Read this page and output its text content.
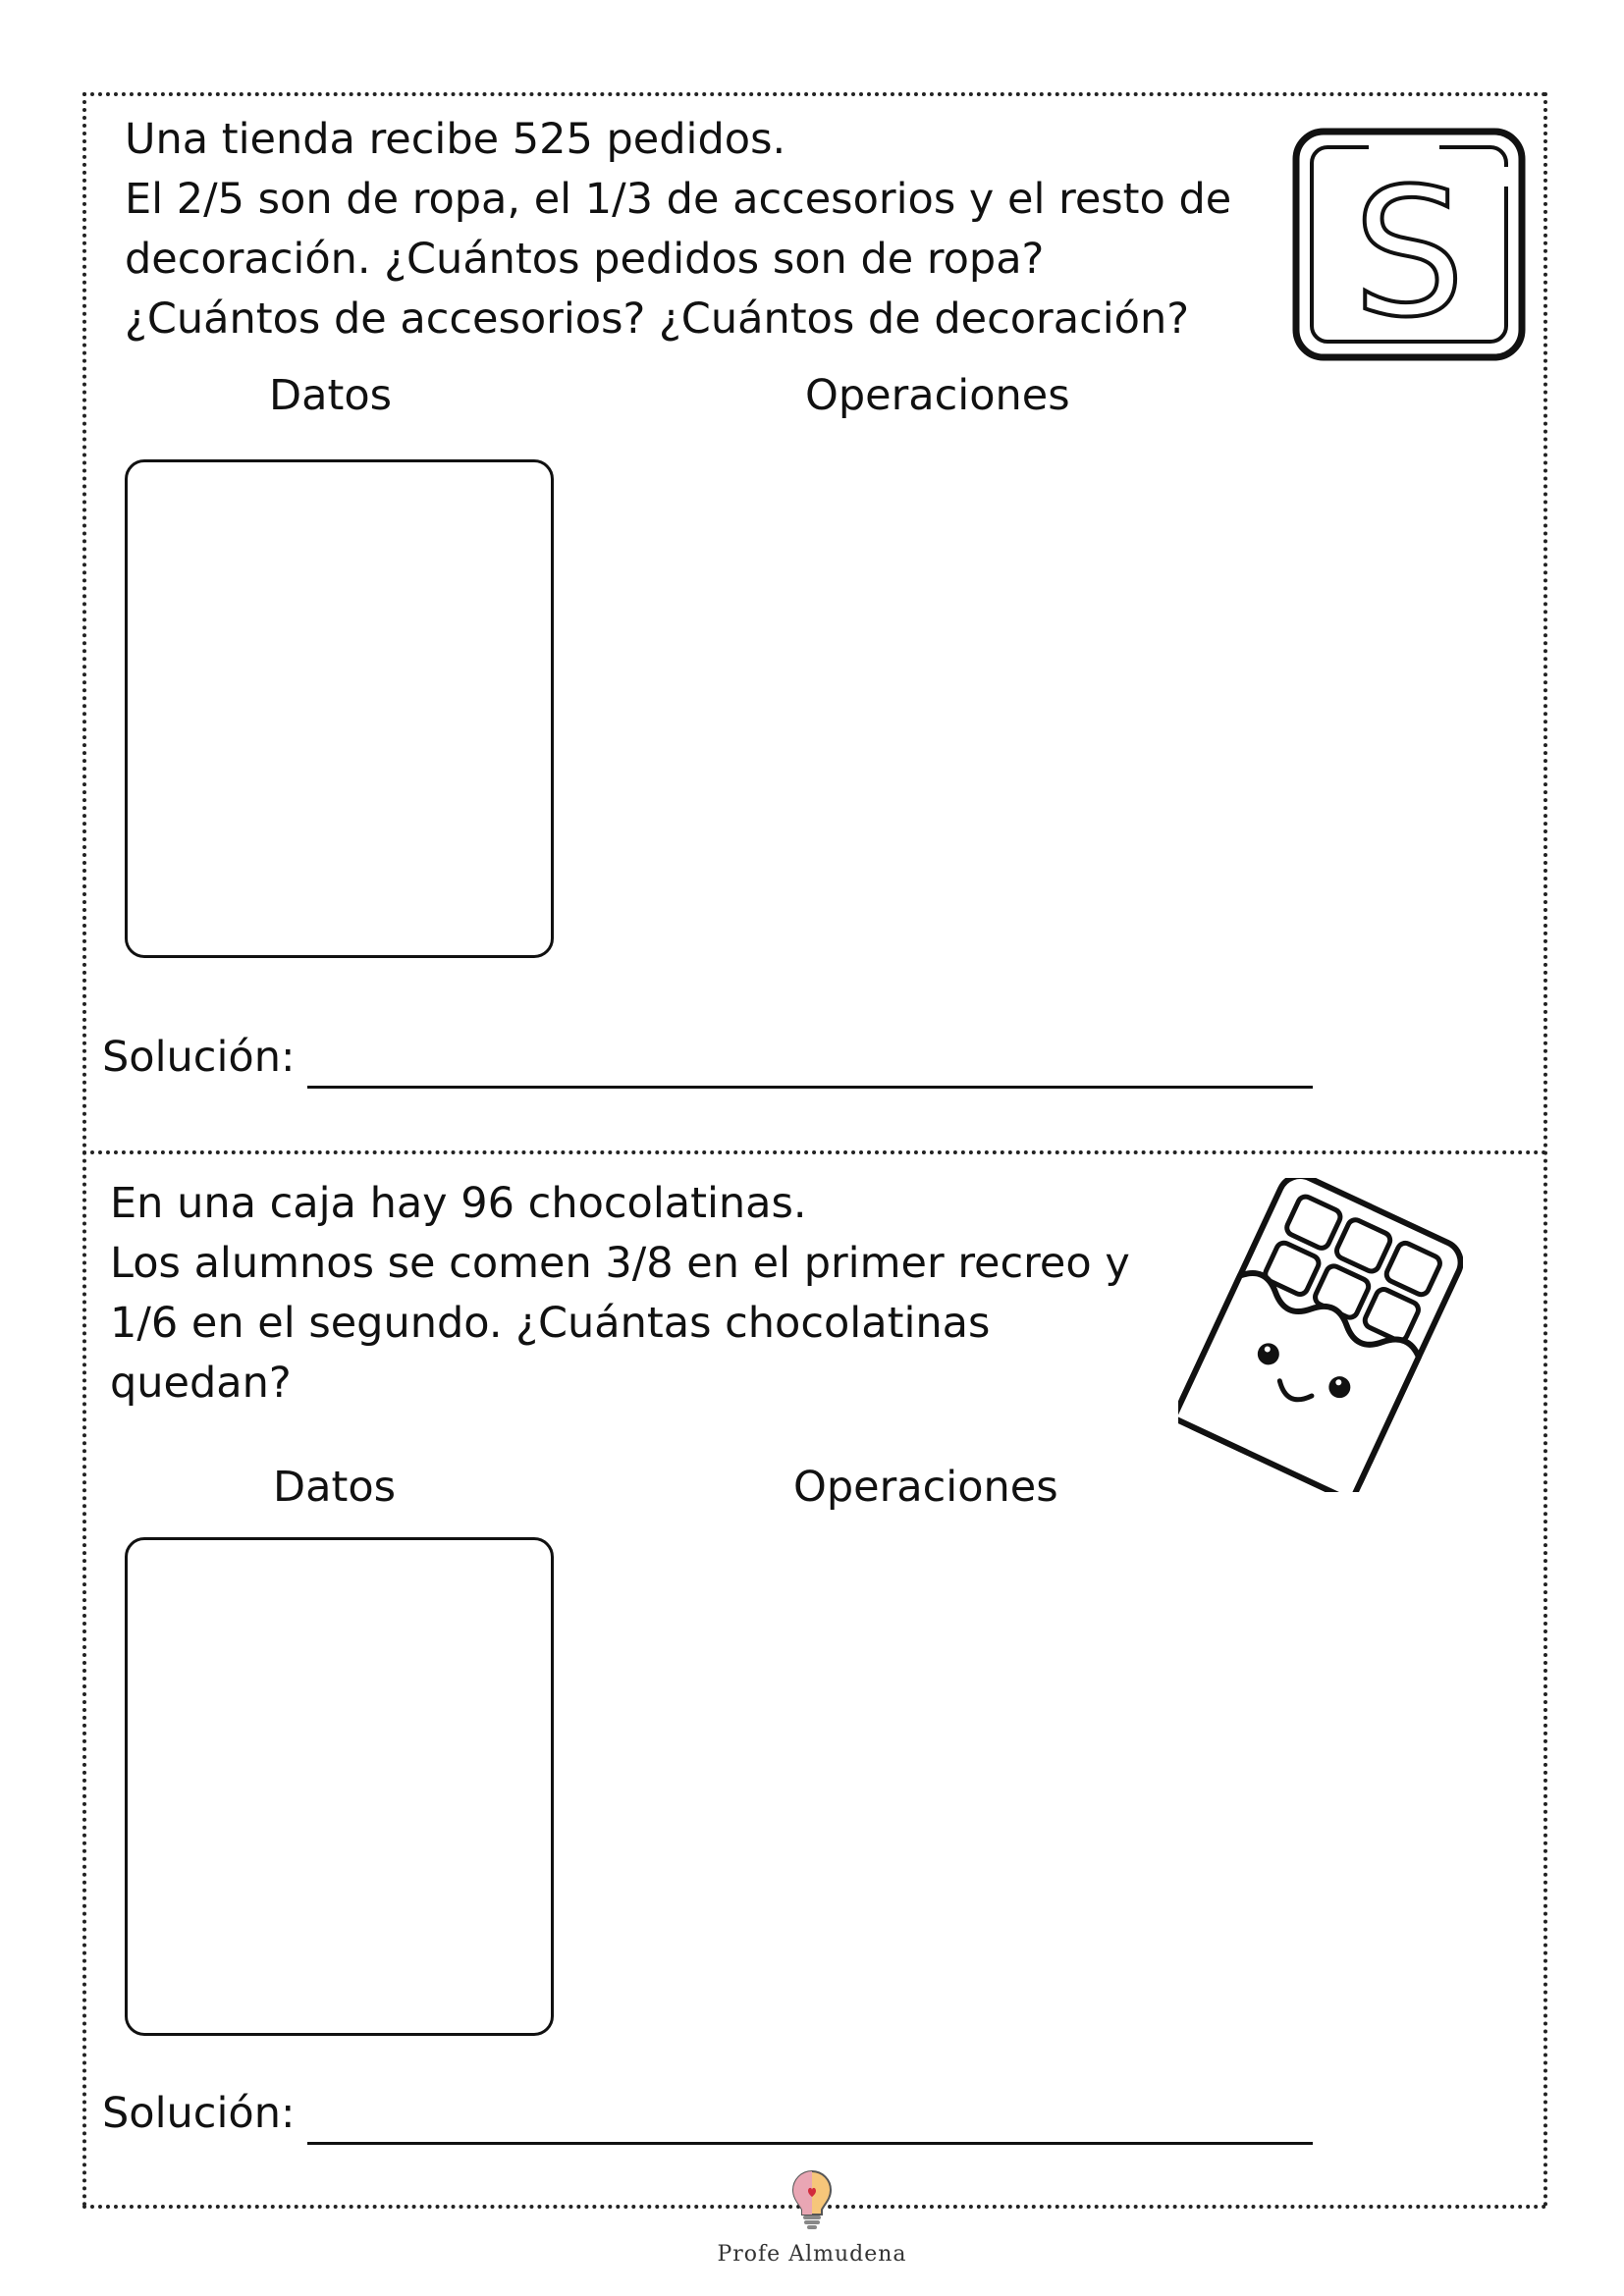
Una tienda recibe 525 pedidos.
El 2/5 son de ropa, el 1/3 de accesorios y el resto de
decoración. ¿Cuántos pedidos son de ropa?
¿Cuántos de accesorios? ¿Cuántos de decoración? S
Datos	Operaciones
Solución:

En una caja hay 96 chocolatinas.
Los alumnos se comen 3/8 en el primer recreo y
1/6 en el segundo. ¿Cuántas chocolatinas
quedan?

Datos	Operaciones
Solución:
Profe Almudena
